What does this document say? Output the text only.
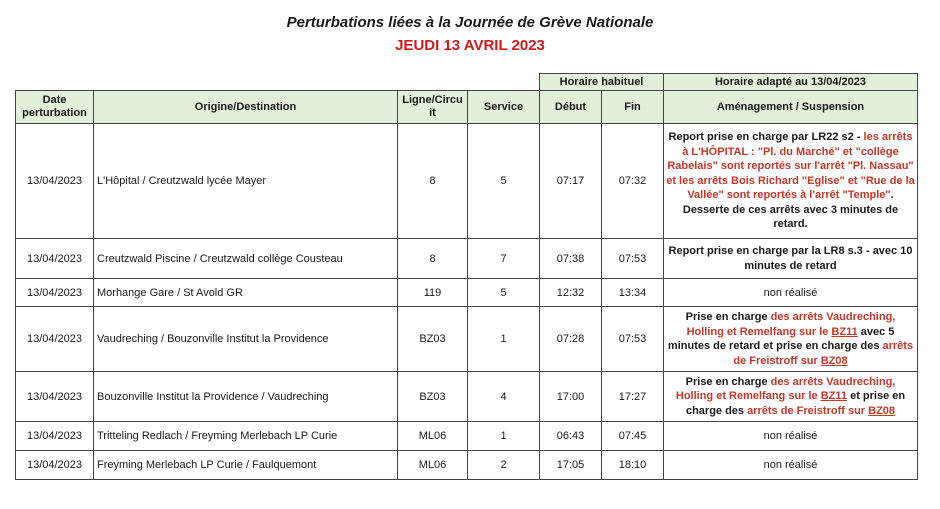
Perturbations liées à la Journée de Grève Nationale
JEUDI 13 AVRIL 2023
				Horaire habituel		Horaire adapté au 13/04/2023
Date perturbation	Origine/Destination	Ligne/Circuit	Service	Début	Fin	Aménagement / Suspension
13/04/2023	L'Hôpital / Creutzwald lycée Mayer	8	5	07:17	07:32	Report prise en charge par LR22 s2 - les arrêts à L'HÔPITAL : "Pl. du Marché" et "collège Rabelais" sont reportés sur l'arrêt "Pl. Nassau" et les arrêts Bois Richard "Eglise" et "Rue de la Vallée" sont reportés à l'arrêt "Temple". Desserte de ces arrêts avec 3 minutes de retard.
13/04/2023	Creutzwald Piscine / Creutzwald collège Cousteau	8	7	07:38	07:53	Report prise en charge par la LR8 s.3 - avec 10 minutes de retard
13/04/2023	Morhange Gare / St Avold GR	119	5	12:32	13:34	non réalisé
13/04/2023	Vaudreching / Bouzonville Institut la Providence	BZ03	1	07:28	07:53	Prise en charge des arrêts Vaudreching, Holling et Remelfang sur le BZ11 avec 5 minutes de retard et prise en charge des arrêts de Freistroff sur BZ08
13/04/2023	Bouzonville Institut la Providence / Vaudreching	BZ03	4	17:00	17:27	Prise en charge des arrêts Vaudreching, Holling et Remelfang sur le BZ11 et prise en charge des arrêts de Freistroff sur BZ08
13/04/2023	Tritteling Redlach / Freyming Merlebach LP Curie	ML06	1	06:43	07:45	non réalisé
13/04/2023	Freyming Merlebach LP Curie / Faulquemont	ML06	2	17:05	18:10	non réalisé
